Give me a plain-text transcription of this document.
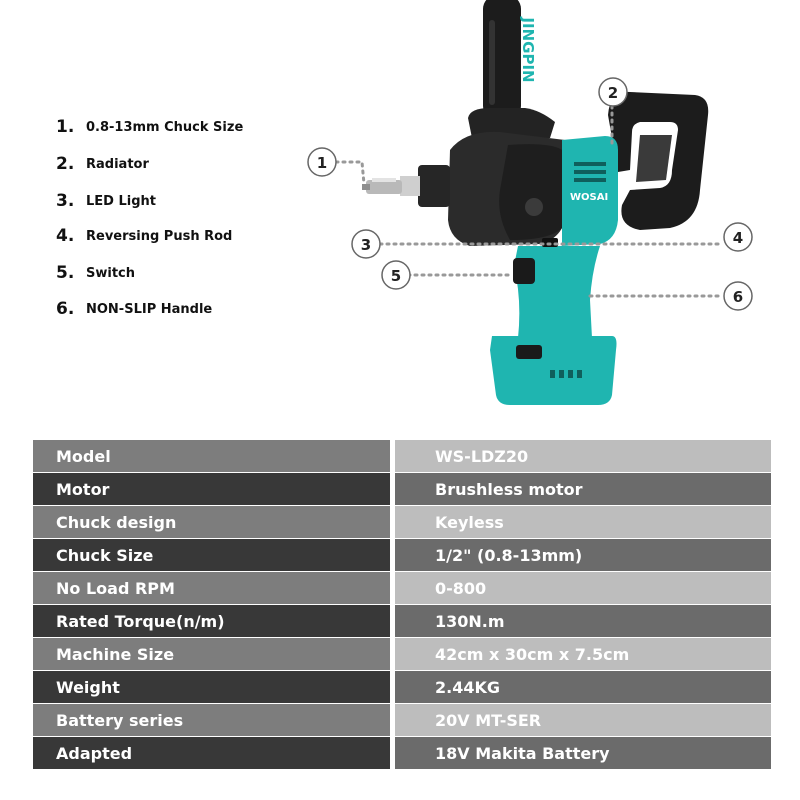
1. 0.8-13mm Chuck Size
2. Radiator
3. LED Light
4. Reversing Push Rod
5. Switch
6. NON-SLIP Handle
JINGPIN
WOSAI
1
2
3	4
5
6
Model	WS-LDZ20
Motor	Brushless motor
Chuck design	Keyless
Chuck Size	1/2" (0.8-13mm)
No Load RPM	0-800
Rated Torque(n/m)	130N.m
Machine Size	42cm x 30cm x 7.5cm
Weight	2.44KG
Battery series	20V MT-SER
Adapted	18V Makita Battery
